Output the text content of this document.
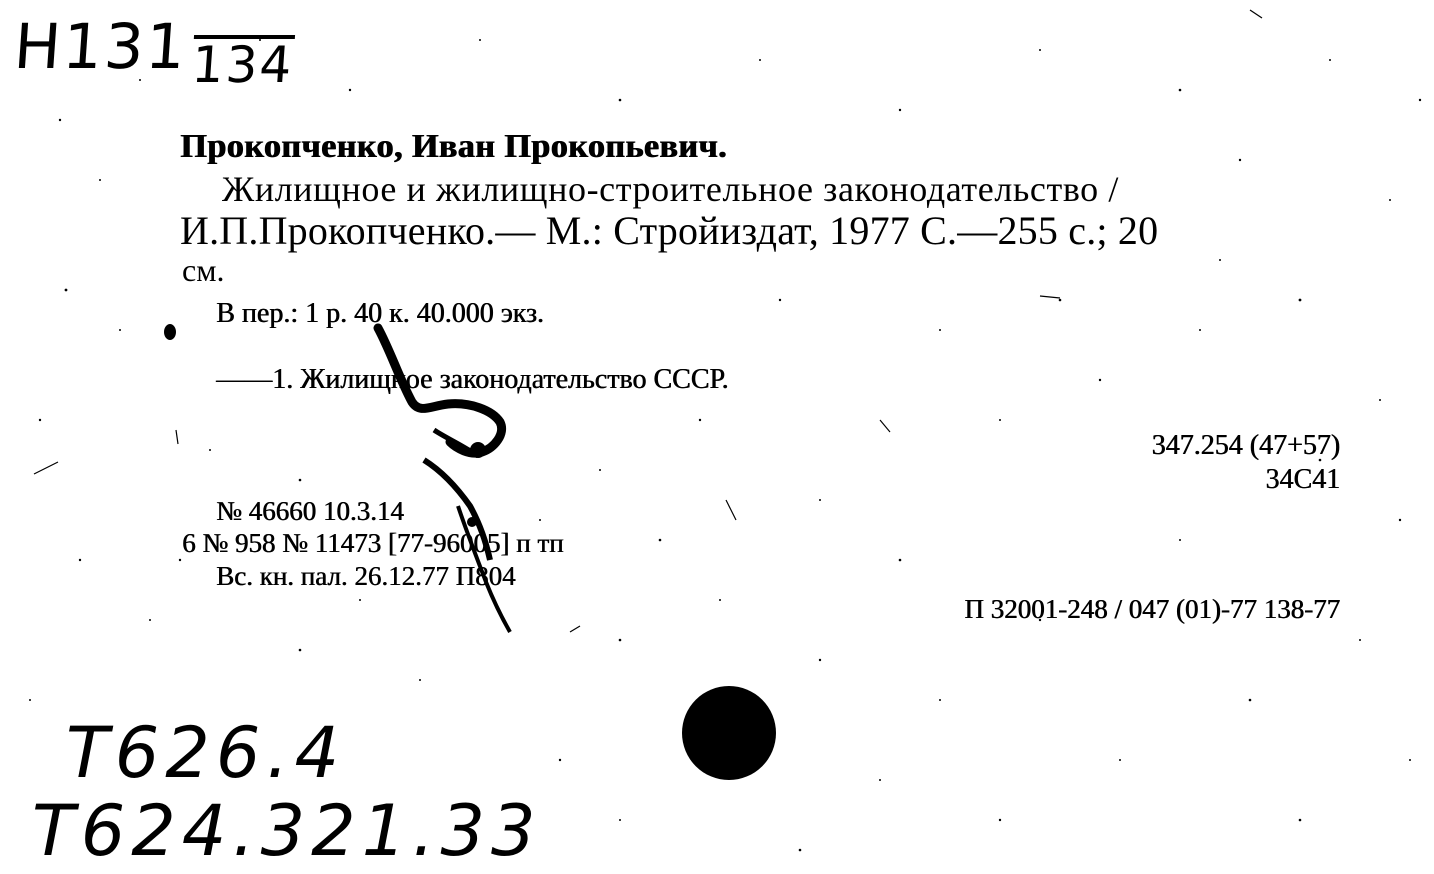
Н131134
Прокопченко, Иван Прокопьевич.
Жилищное и жилищно-строительное законодательство /
И.П.Прокопченко.— М.: Стройиздат, 1977 С.—255 с.; 20
см.
В пер.: 1 р. 40 к. 40.000 экз.
——1. Жилищное законодательство СССР.
347.254 (47+57)
34С41
№ 46660 10.3.14
6 № 958 № 11473 [77-96005] п тп
Вс. кн. пал. 26.12.77 П804
П 32001-248 / 047 (01)-77 138-77
Т626.4
Т624.321.33
